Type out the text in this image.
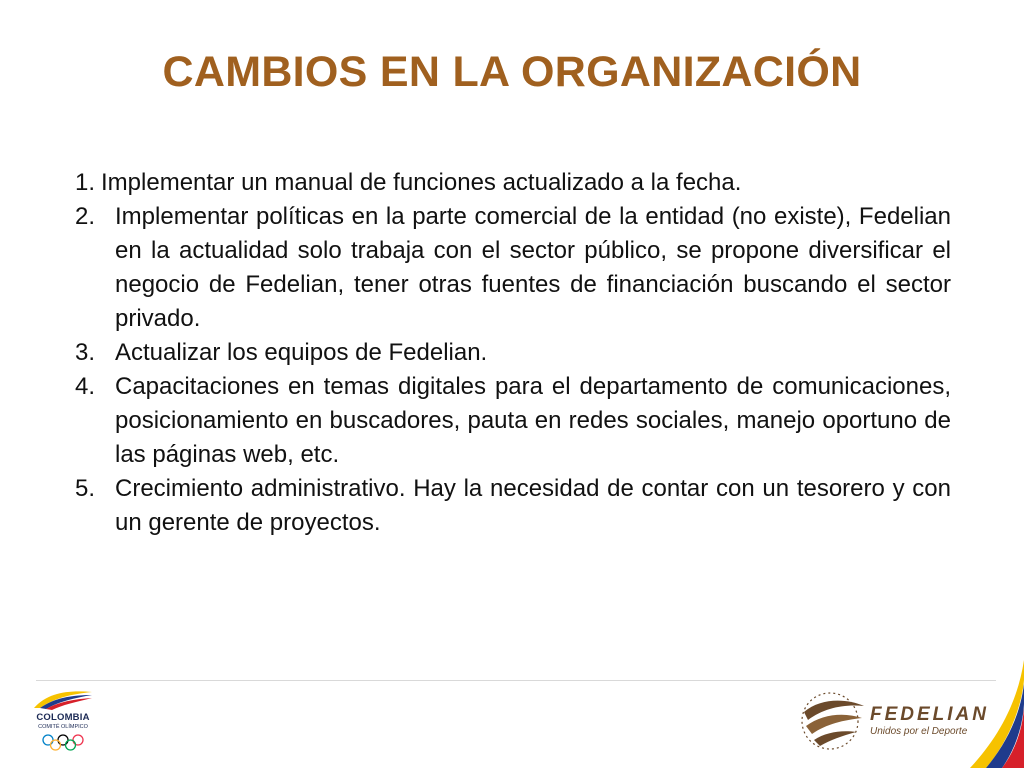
CAMBIOS EN LA ORGANIZACIÓN

1. Implementar un manual de funciones actualizado a la fecha.

2. Implementar políticas en la parte comercial de la entidad (no existe), Fedelian en la actualidad solo trabaja con el sector público, se propone diversificar el negocio de Fedelian, tener otras fuentes de financiación buscando el sector privado.

3. Actualizar los equipos de Fedelian.

4. Capacitaciones en temas digitales para el departamento de comunicaciones, posicionamiento en buscadores, pauta en redes sociales, manejo oportuno de las páginas web, etc.

5. Crecimiento administrativo. Hay la necesidad de contar con un tesorero y con un gerente de proyectos.

COLOMBIA
COMITÉ OLÍMPICO
FEDELIAN
Unidos por el Deporte
